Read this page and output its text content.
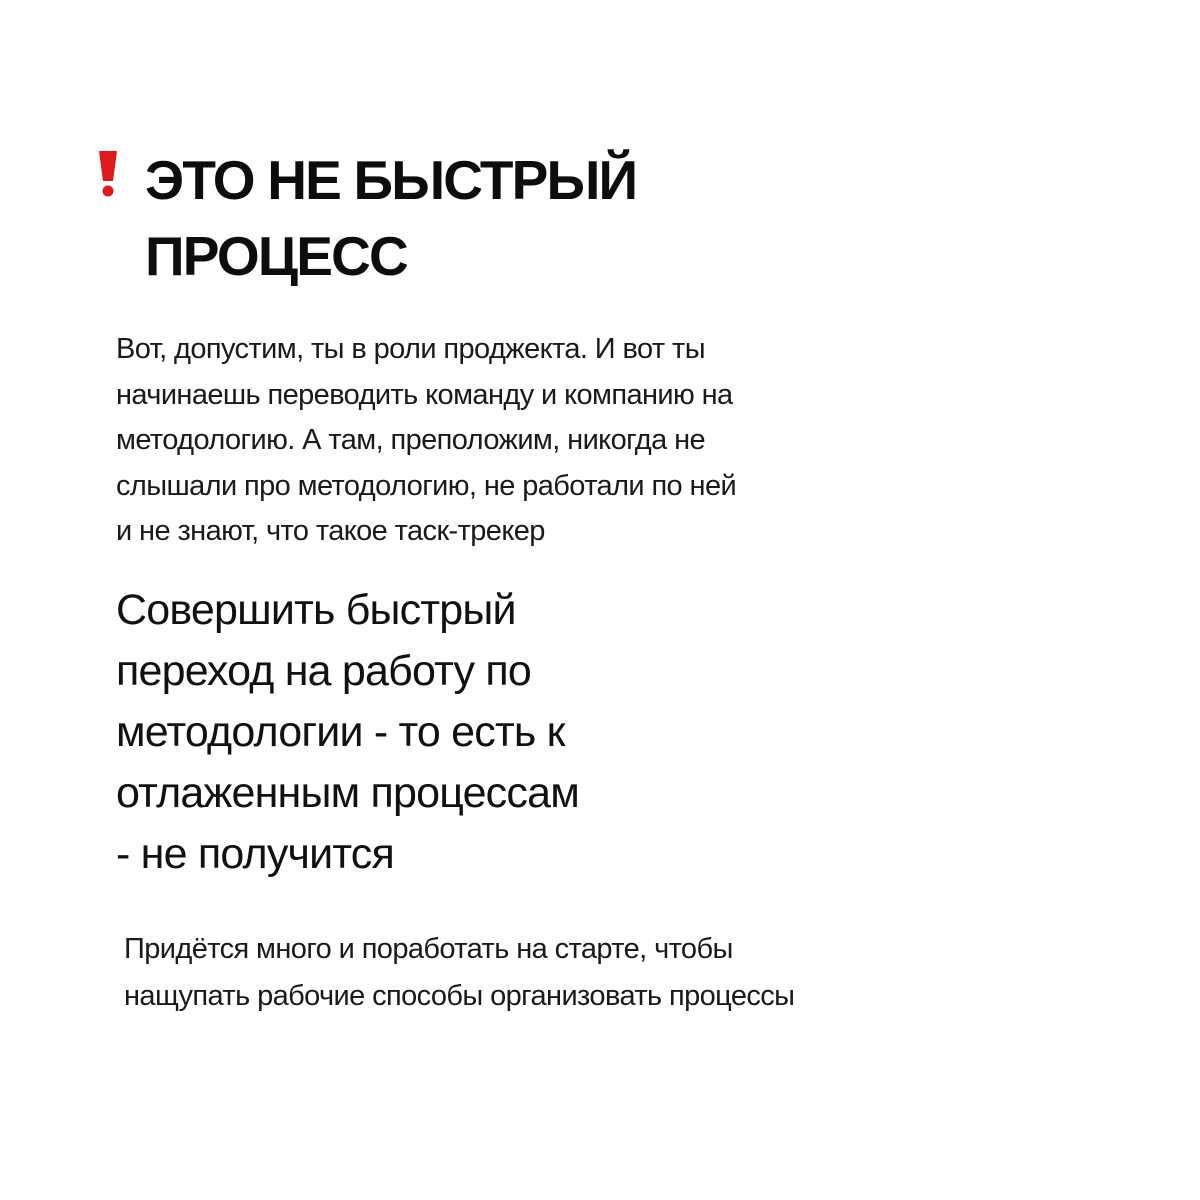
ЭТО НЕ БЫСТРЫЙ
ПРОЦЕСС

Вот, допустим, ты в роли проджекта. И вот ты
начинаешь переводить команду и компанию на
методологию. А там, преположим, никогда не
слышали про методологию, не работали по ней
и не знают, что такое таск-трекер

Совершить быстрый
переход на работу по
методологии - то есть к
отлаженным процессам
- не получится

Придётся много и поработать на старте, чтобы
нащупать рабочие способы организовать процессы
